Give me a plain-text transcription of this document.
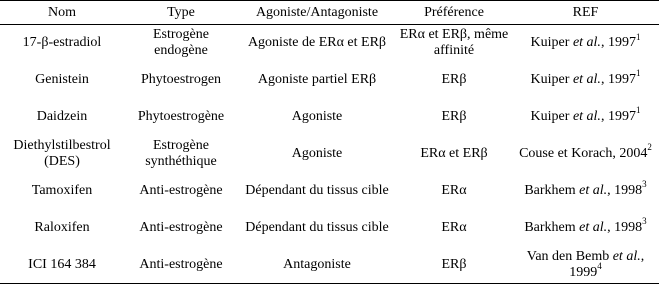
Nom	Type	Agoniste/Antagoniste	Préférence	REF
17-β-estradiol	Estrogène endogène	Agoniste de ERα et ERβ	ERα et ERβ, même affinité	Kuiper et al., 1997$^1$
Genistein	Phytoestrogen	Agoniste partiel ERβ	ERβ	Kuiper et al., 1997$^1$
Daidzein	Phytoestrogène	Agoniste	ERβ	Kuiper et al., 1997$^1$
Diethylstilbestrol (DES)	Estrogène synthéthique	Agoniste	ERα et ERβ	Couse et Korach, 2004$^2$
Tamoxifen	Anti-estrogène	Dépendant du tissus cible	ERα	Barkhem et al., 1998$^3$
Raloxifen	Anti-estrogène	Dépendant du tissus cible	ERα	Barkhem et al., 1998$^3$
ICI 164 384	Anti-estrogène	Antagoniste	ERβ	Van den Bemb et al., 1999$^4$
